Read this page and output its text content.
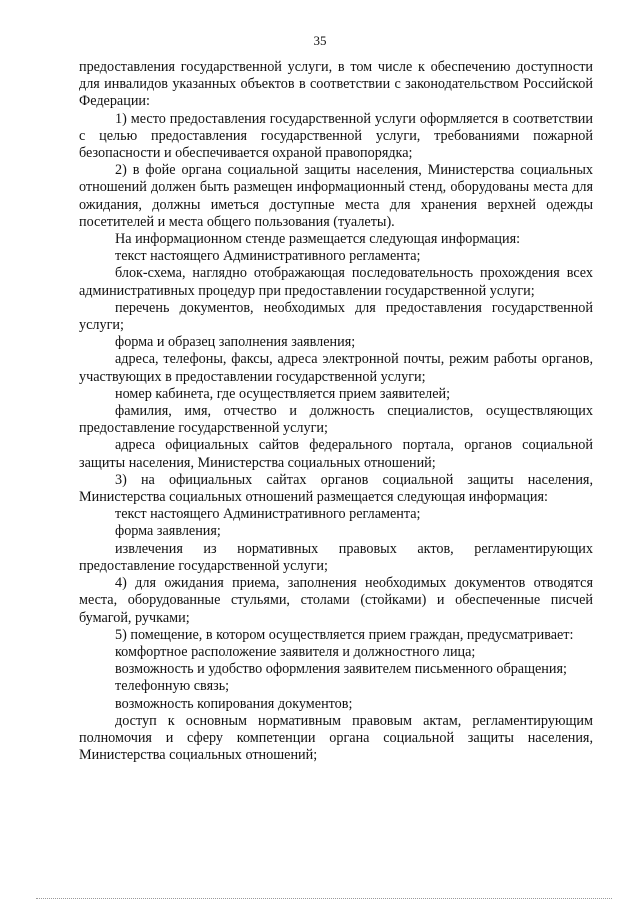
35

предоставления государственной услуги, в том числе к обеспечению доступности для инвалидов указанных объектов в соответствии с законодательством Российской Федерации:

1) место предоставления государственной услуги оформляется в соответствии с целью предоставления государственной услуги, требованиями пожарной безопасности и обеспечивается охраной правопорядка;

2) в фойе органа социальной защиты населения, Министерства социальных отношений должен быть размещен информационный стенд, оборудованы места для ожидания, должны иметься доступные места для хранения верхней одежды посетителей и места общего пользования (туалеты).

На информационном стенде размещается следующая информация:

текст настоящего Административного регламента;

блок-схема, наглядно отображающая последовательность прохождения всех административных процедур при предоставлении государственной услуги;

перечень документов, необходимых для предоставления государственной услуги;

форма и образец заполнения заявления;

адреса, телефоны, факсы, адреса электронной почты, режим работы органов, участвующих в предоставлении государственной услуги;

номер кабинета, где осуществляется прием заявителей;

фамилия, имя, отчество и должность специалистов, осуществляющих предоставление государственной услуги;

адреса официальных сайтов федерального портала, органов социальной защиты населения, Министерства социальных отношений;

3) на официальных сайтах органов социальной защиты населения, Министерства социальных отношений размещается следующая информация:

текст настоящего Административного регламента;

форма заявления;

извлечения из нормативных правовых актов, регламентирующих предоставление государственной услуги;

4) для ожидания приема, заполнения необходимых документов отводятся места, оборудованные стульями, столами (стойками) и обеспеченные писчей бумагой, ручками;

5) помещение, в котором осуществляется прием граждан, предусматривает:

комфортное расположение заявителя и должностного лица;

возможность и удобство оформления заявителем письменного обращения;

телефонную связь;

возможность копирования документов;

доступ к основным нормативным правовым актам, регламентирующим полномочия и сферу компетенции органа социальной защиты населения, Министерства социальных отношений;
